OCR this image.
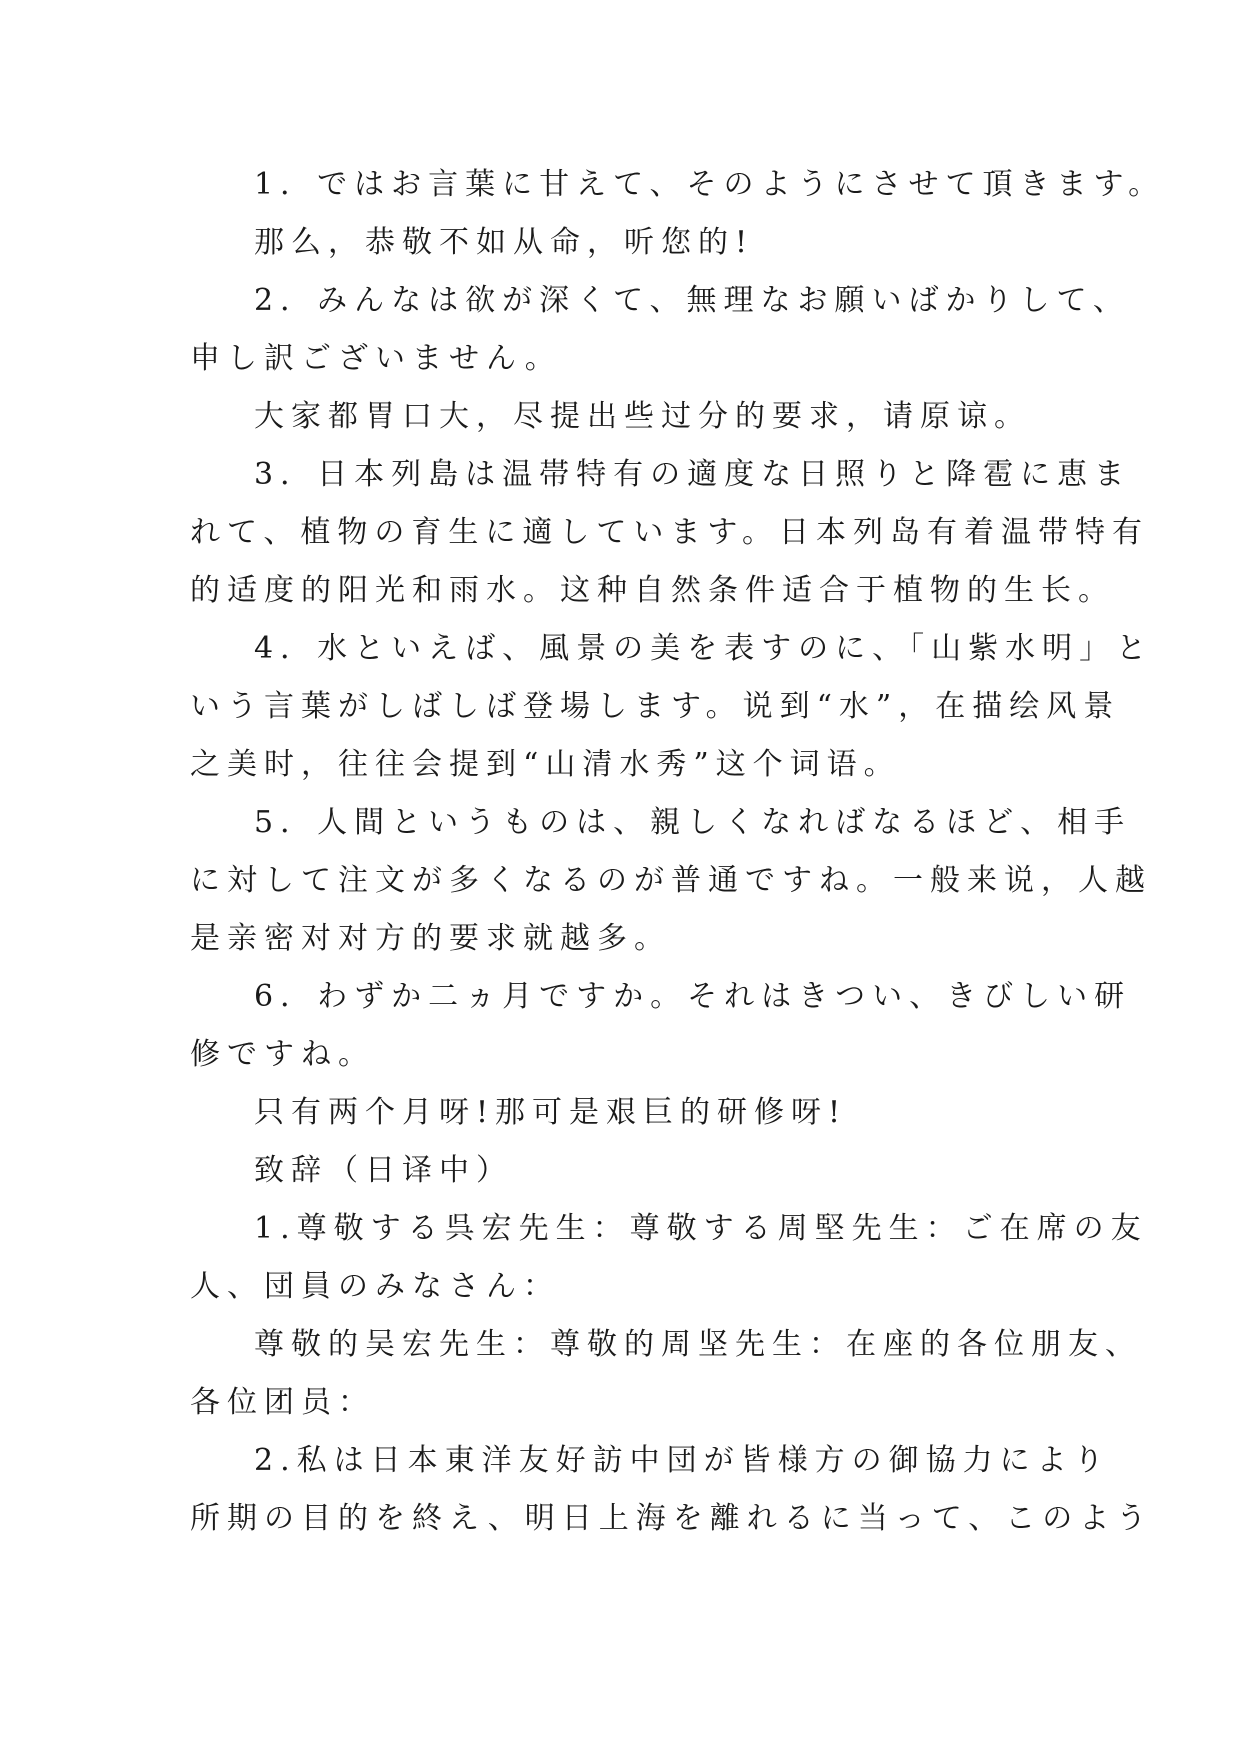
1．ではお言葉に甘えて、そのようにさせて頂きます。
那么，恭敬不如从命，听您的!
2．みんなは欲が深くて、無理なお願いばかりして、
申し訳ございません。
大家都胃口大，尽提出些过分的要求，请原谅。
3．日本列島は温帯特有の適度な日照りと降雹に恵ま
れて、植物の育生に適しています。日本列岛有着温带特有
的适度的阳光和雨水。这种自然条件适合于植物的生长。
4．水といえば、風景の美を表すのに、「山紫水明」と
いう言葉がしばしば登場します。说到“水”，在描绘风景
之美时，往往会提到“山清水秀”这个词语。
5．人間というものは、親しくなればなるほど、相手
に対して注文が多くなるのが普通ですね。一般来说，人越
是亲密对对方的要求就越多。
6．わずか二ヵ月ですか。それはきつい、きびしい研
修ですね。
只有两个月呀!那可是艰巨的研修呀!
致辞（日译中）
1.尊敬する呉宏先生：尊敬する周堅先生：ご在席の友
人、団員のみなさん：
尊敬的吴宏先生：尊敬的周坚先生：在座的各位朋友、
各位团员：
2.私は日本東洋友好訪中団が皆様方の御協力により
所期の目的を終え、明日上海を離れるに当って、このよう
